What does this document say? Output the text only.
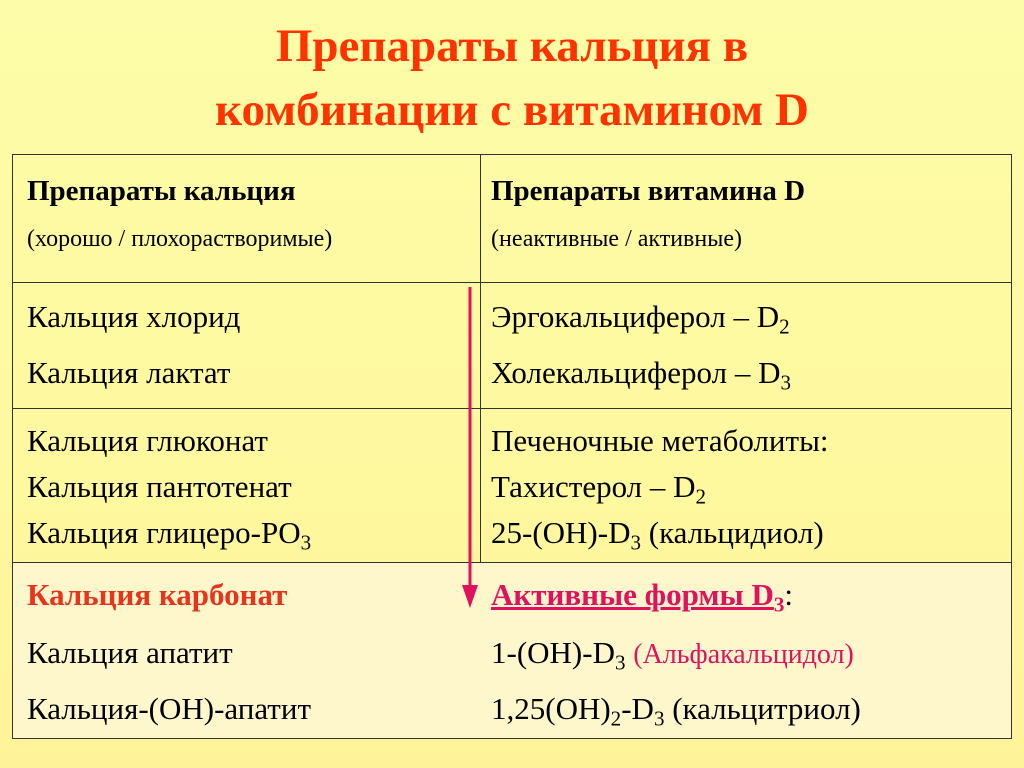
Препараты кальция в
комбинации с витамином D
Препараты кальция
(хорошо / плохорастворимые)
Препараты витамина D
(неактивные / активные)
Кальция хлорид
Кальция лактат
Эргокальциферол – $D_2$
Холекальциферол – $D_3$
Кальция глюконат
Кальция пантотенат
Кальция глицеро-$PO_3$
Печеночные метаболиты:
Тахистерол – $D_2$
$25-(OH)-D_3$ (кальцидиол)
Кальция карбонат
Кальция апатит
Кальция-(OH)-апатит
Активные формы $D_3$:
$1-(OH)-D_3$ (Альфакальцидол)
$1,25(OH)_2-D_3$ (кальцитриол)
